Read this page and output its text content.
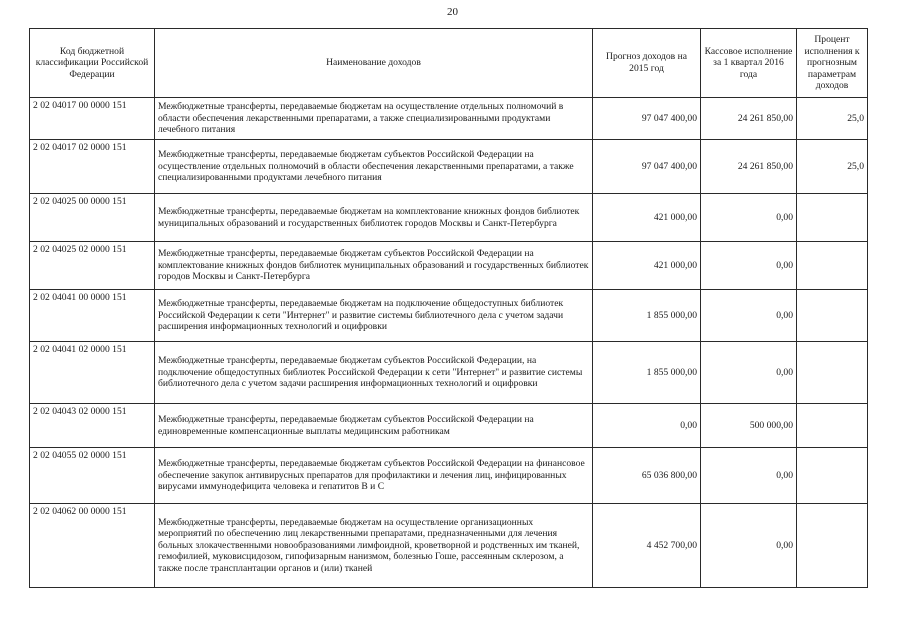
20
Код бюджетной классификации Российской Федерации	Наименование доходов	Прогноз доходов на 2015 год	Кассовое исполнение за 1 квартал 2016 года	Процент исполнения к прогнозным параметрам доходов
2 02 04017 00 0000 151	Межбюджетные трансферты, передаваемые бюджетам на осуществление отдельных полномочий в области обеспечения лекарственными препаратами, а также специализированными продуктами лечебного питания	97 047 400,00	24 261 850,00	25,0
2 02 04017 02 0000 151	Межбюджетные трансферты, передаваемые бюджетам субъектов Российской Федерации на осуществление отдельных полномочий в области обеспечения лекарственными препаратами, а также специализированными продуктами лечебного питания	97 047 400,00	24 261 850,00	25,0
2 02 04025 00 0000 151	Межбюджетные трансферты, передаваемые бюджетам на комплектование книжных фондов библиотек муниципальных образований и государственных библиотек городов Москвы и Санкт-Петербурга	421 000,00	0,00	
2 02 04025 02 0000 151	Межбюджетные трансферты, передаваемые бюджетам субъектов Российской Федерации на комплектование книжных фондов библиотек муниципальных образований и государственных библиотек городов Москвы и Санкт-Петербурга	421 000,00	0,00	
2 02 04041 00 0000 151	Межбюджетные трансферты, передаваемые бюджетам на подключение общедоступных библиотек Российской Федерации к сети "Интернет" и развитие системы библиотечного дела с учетом задачи расширения информационных технологий и оцифровки	1 855 000,00	0,00	
2 02 04041 02 0000 151	Межбюджетные трансферты, передаваемые бюджетам субъектов Российской Федерации, на подключение общедоступных библиотек Российской Федерации к сети "Интернет" и развитие системы библиотечного дела с учетом задачи расширения информационных технологий и оцифровки	1 855 000,00	0,00	
2 02 04043 02 0000 151	Межбюджетные трансферты, передаваемые бюджетам субъектов Российской Федерации на единовременные компенсационные выплаты медицинским работникам	0,00	500 000,00	
2 02 04055 02 0000 151	Межбюджетные трансферты, передаваемые бюджетам субъектов Российской Федерации на финансовое обеспечение закупок антивирусных препаратов для профилактики и лечения лиц, инфицированных вирусами иммунодефицита человека и гепатитов В и С	65 036 800,00	0,00	
2 02 04062 00 0000 151	Межбюджетные трансферты, передаваемые бюджетам на осуществление организационных мероприятий по обеспечению лиц лекарственными препаратами, предназначенными для лечения больных злокачественными новообразованиями лимфоидной, кроветворной и родственных им тканей, гемофилией, муковисцидозом, гипофизарным нанизмом, болезнью Гоше, рассеянным склерозом, а также после трансплантации органов и (или) тканей	4 452 700,00	0,00	
